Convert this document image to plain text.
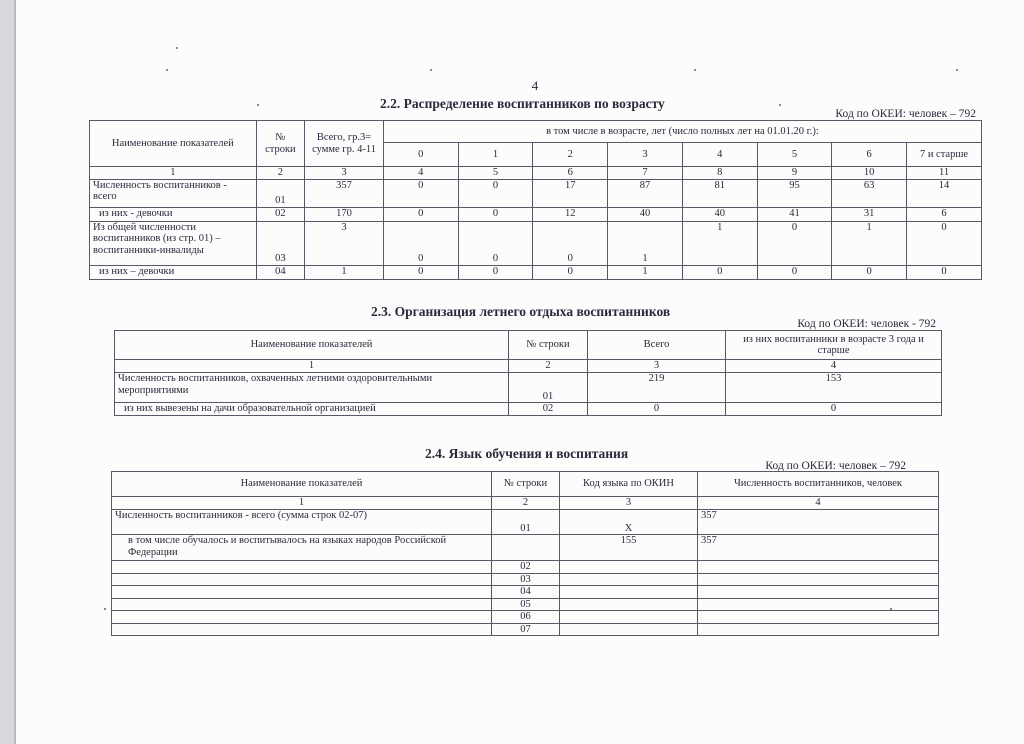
4
2.2. Распределение воспитанников по возрасту
Код по ОКЕИ: человек – 792
Наименование показателей	№ строки	Всего, гр.3= сумме гр. 4-11	в том числе в возрасте, лет (число полных лет на 01.01.20 г.):							
			0	1	2	3	4	5	6	7 и старше
1	2	3	4	5	6	7	8	9	10	11
Численность воспитанников - всего	01	357	0	0	17	87	81	95	63	14
из них - девочки	02	170	0	0	12	40	40	41	31	6
Из общей численности воспитанников (из стр. 01) – воспитанники-инвалиды	03	3	0	0	0	1	1	0	1	0
из них – девочки	04	1	0	0	0	1	0	0	0	0
2.3. Организация летнего отдыха воспитанников
Код по ОКЕИ: человек - 792
Наименование показателей	№ строки	Всего	из них воспитанники в возрасте 3 года и старше
1	2	3	4
Численность воспитанников, охваченных летними оздоровительными мероприятиями	01	219	153
из них вывезены на дачи образовательной организацией	02	0	0
2.4. Язык обучения и воспитания
Код по ОКЕИ: человек – 792
Наименование показателей	№ строки	Код языка по ОКИН	Численность воспитанников, человек
1	2	3	4
Численность воспитанников - всего (сумма строк 02-07)	01	X	357
в том числе обучалось и воспитывалось на языках народов Российской Федерации		155	357
	02		
	03		
	04		
	05		
	06		
	07		
